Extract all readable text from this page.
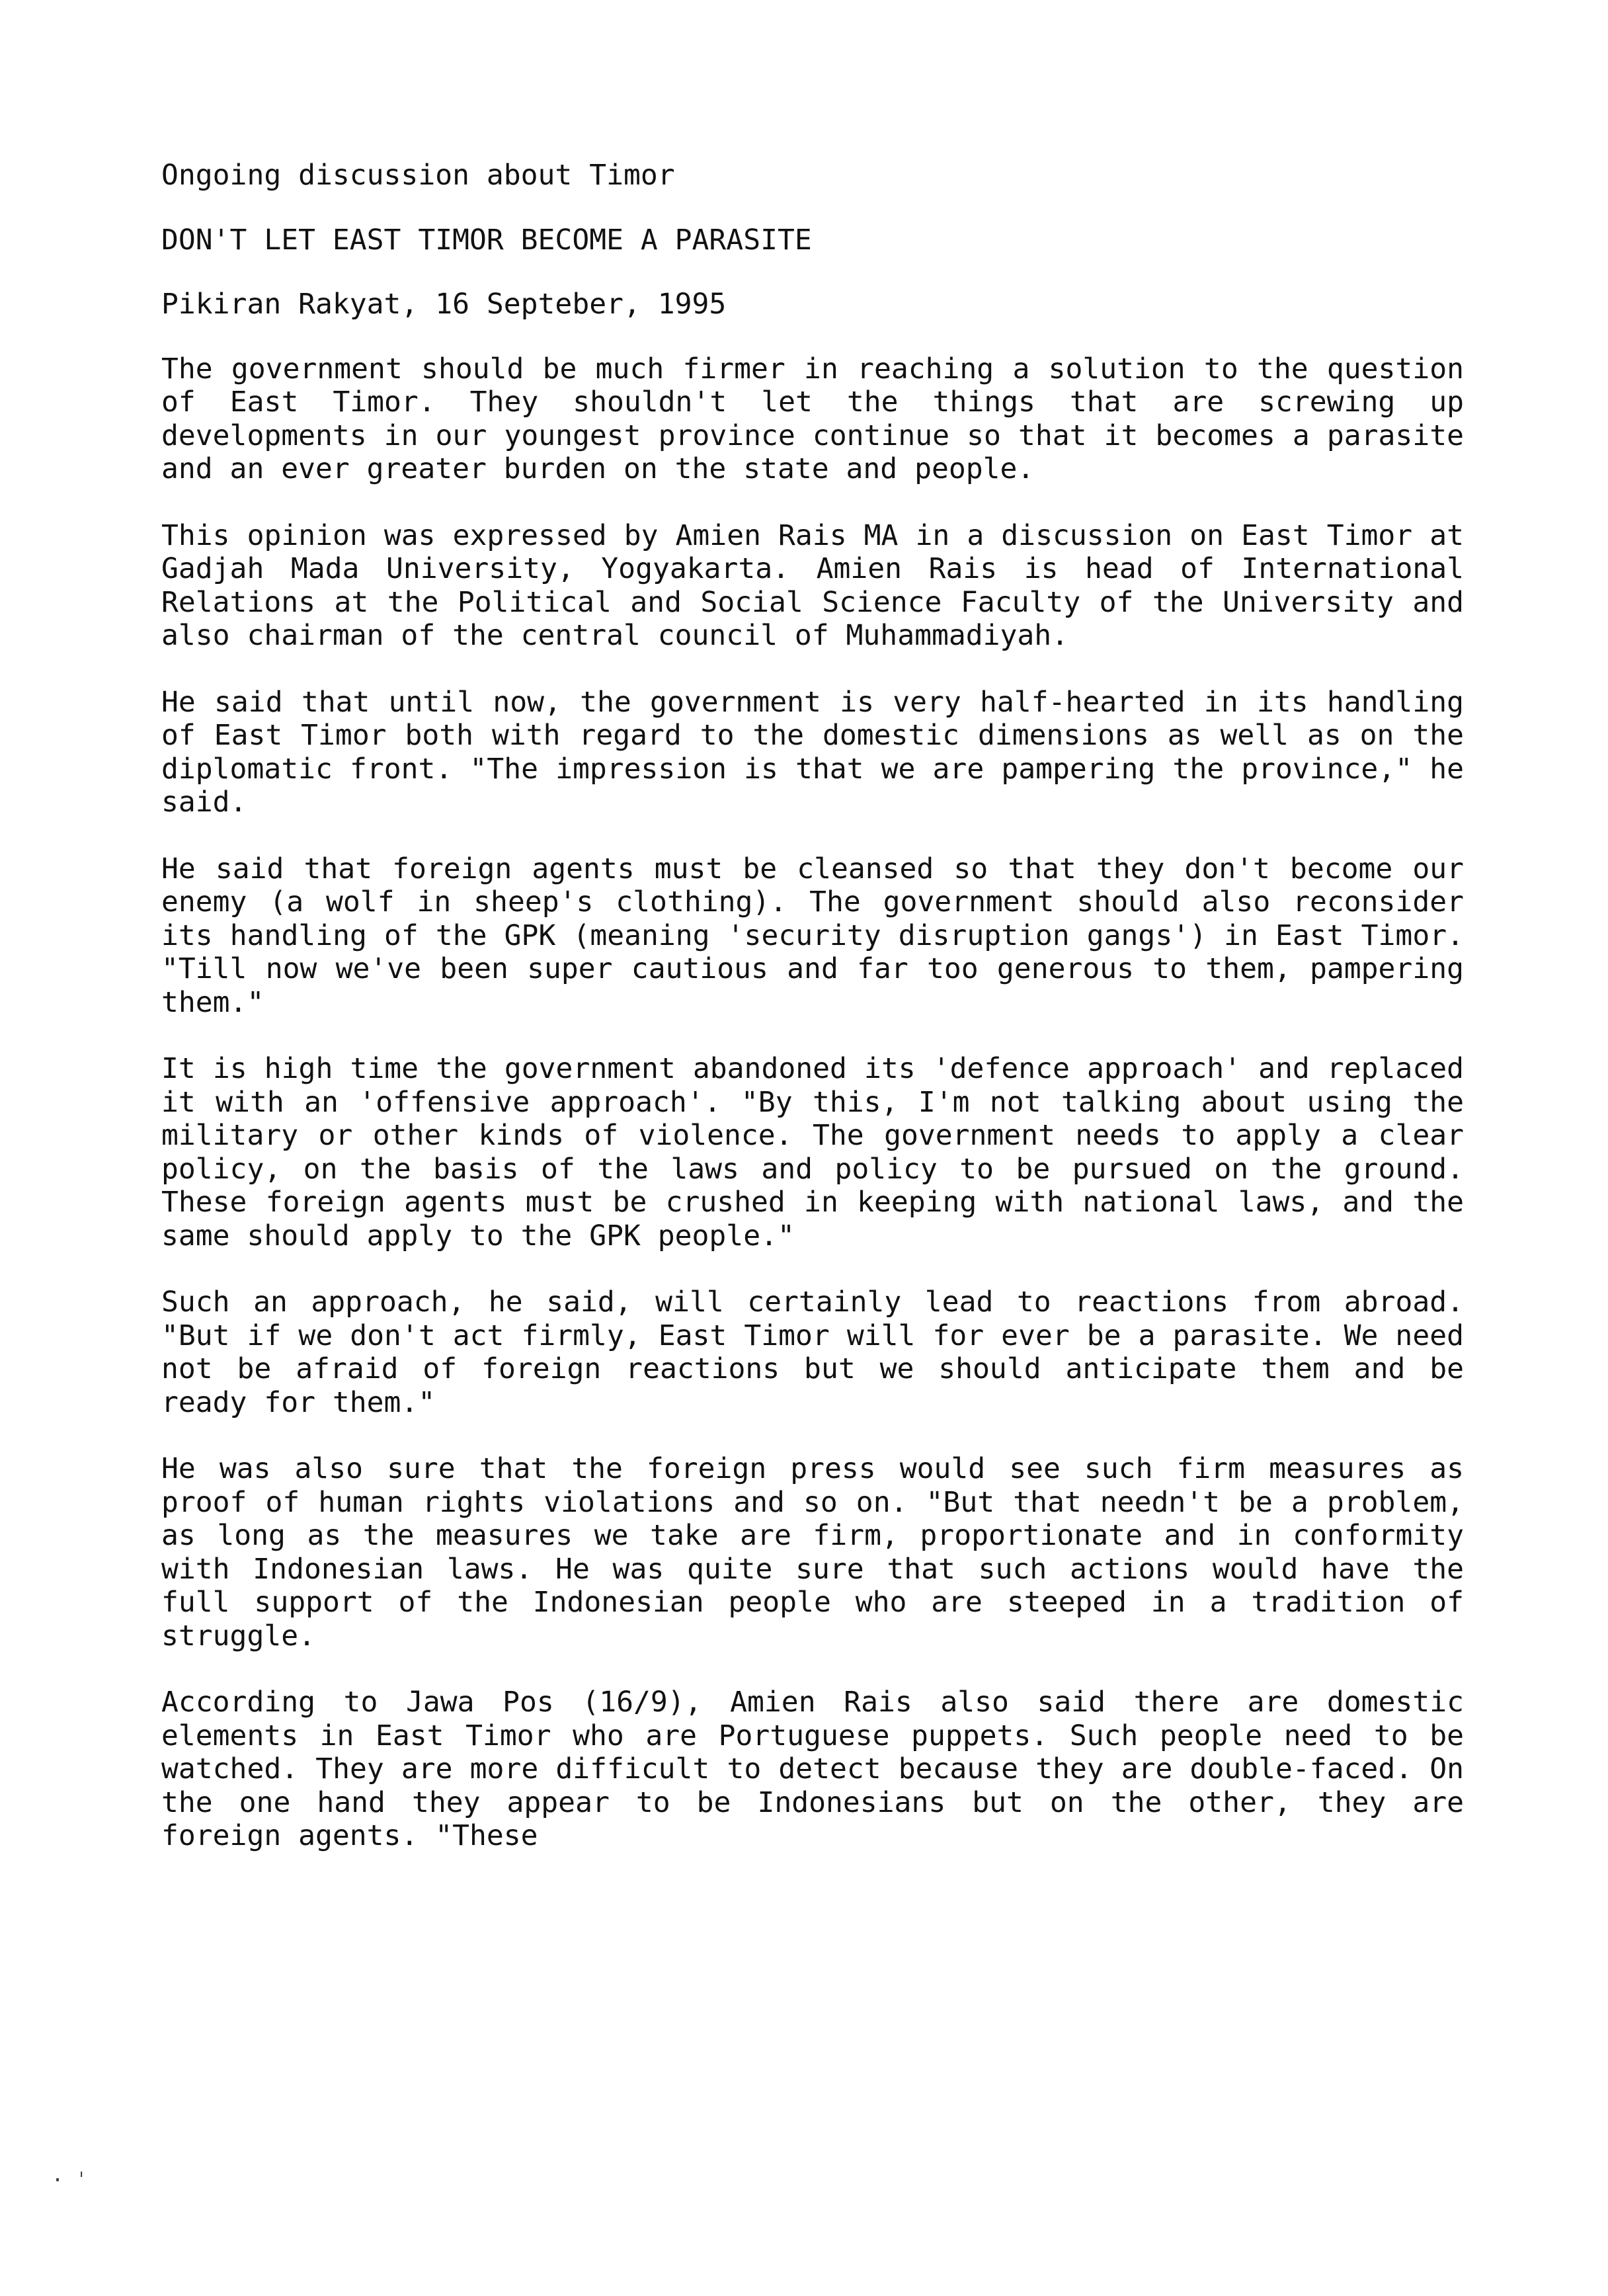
Ongoing discussion about Timor
DON'T LET EAST TIMOR BECOME A PARASITE
Pikiran Rakyat, 16 Septeber, 1995

The government should be much firmer in reaching a solution to the question of East Timor. They shouldn't let the things that are screwing up developments in our youngest province continue so that it becomes a parasite and an ever greater burden on the state and people.

This opinion was expressed by Amien Rais MA in a discussion on East Timor at Gadjah Mada University, Yogyakarta. Amien Rais is head of International Relations at the Political and Social Science Faculty of the University and also chairman of the central council of Muhammadiyah.

He said that until now, the government is very half-hearted in its handling of East Timor both with regard to the domestic dimensions as well as on the diplomatic front. "The impression is that we are pampering the province," he said.

He said that foreign agents must be cleansed so that they don't become our enemy (a wolf in sheep's clothing). The government should also reconsider its handling of the GPK (meaning 'security disruption gangs') in East Timor. "Till now we've been super cautious and far too generous to them, pampering them."

It is high time the government abandoned its 'defence approach' and replaced it with an 'offensive approach'. "By this, I'm not talking about using the military or other kinds of violence. The government needs to apply a clear policy, on the basis of the laws and policy to be pursued on the ground. These foreign agents must be crushed in keeping with national laws, and the same should apply to the GPK people."

Such an approach, he said, will certainly lead to reactions from abroad. "But if we don't act firmly, East Timor will for ever be a parasite. We need not be afraid of foreign reactions but we should anticipate them and be ready for them."

He was also sure that the foreign press would see such firm measures as proof of human rights violations and so on. "But that needn't be a problem, as long as the measures we take are firm, proportionate and in conformity with Indonesian laws. He was quite sure that such actions would have the full support of the Indonesian people who are steeped in a tradition of struggle.

According to Jawa Pos (16/9), Amien Rais also said there are domestic elements in East Timor who are Portuguese puppets. Such people need to be watched. They are more difficult to detect because they are double-faced. On the one hand they appear to be Indonesians but on the other, they are foreign agents. "These

· ˈ
